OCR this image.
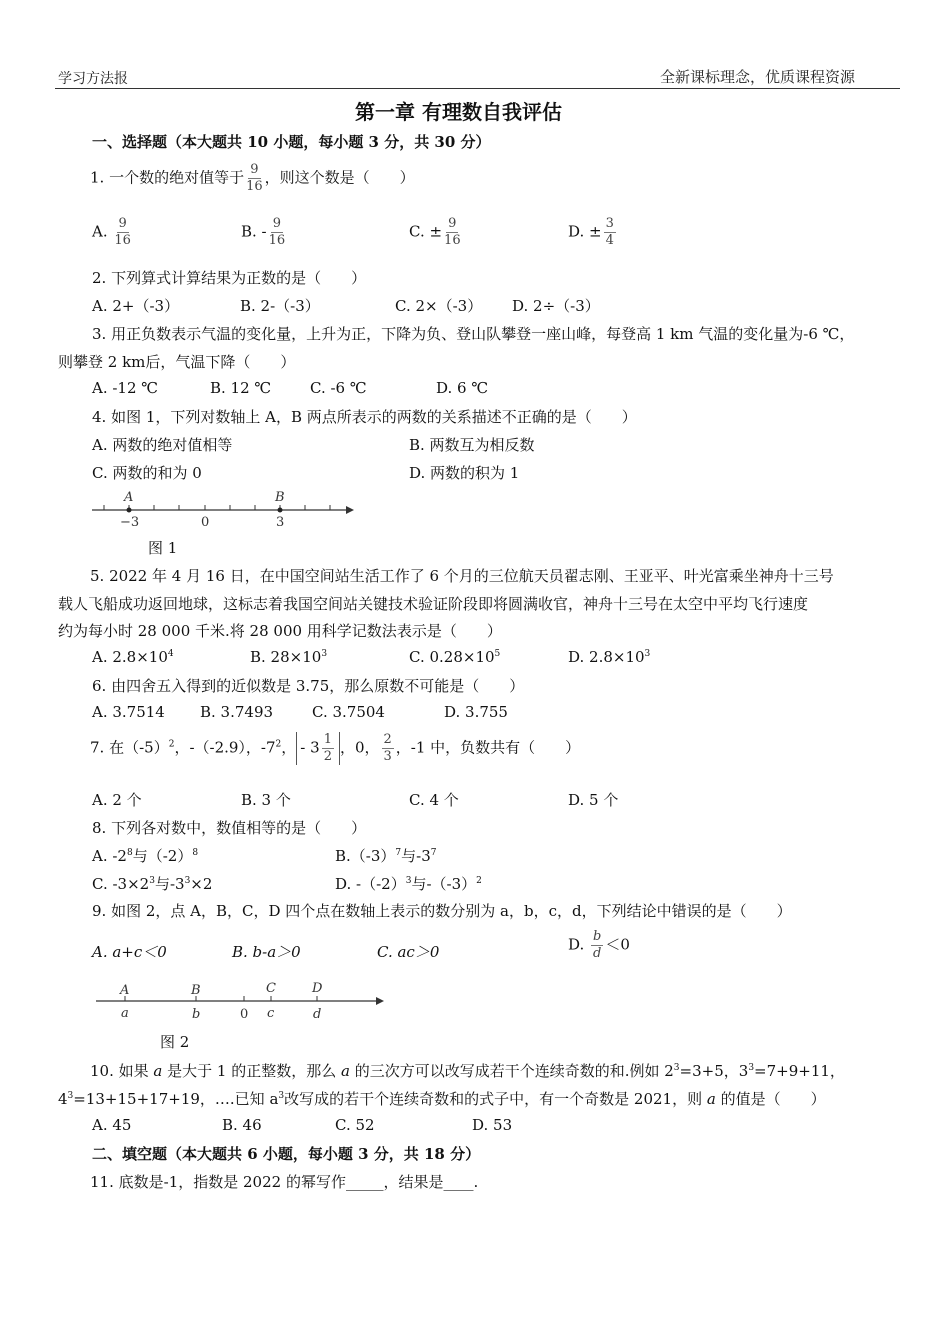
学习方法报	全新课标理念，优质课程资源
第一章 有理数自我评估
一、选择题（本大题共 10 小题，每小题 3 分，共 30 分）
1. 一个数的绝对值等于 $\frac{9}{16}$ ，则这个数是（　　）
A. $\frac{9}{16}$	B. - $\frac{9}{16}$	C. ± $\frac{9}{16}$	D. ± $\frac{3}{4}$
2. 下列算式计算结果为正数的是（　　）
A. 2+（-3）	B. 2-（-3）	C. 2×（-3） D. 2÷（-3）
3. 用正负数表示气温的变化量，上升为正，下降为负、登山队攀登一座山峰，每登高 1 km 气温的变化量为-6 ℃，
则攀登 2 km后，气温下降（　　）
A. -12 ℃	B. 12 ℃	C. -6 ℃	D. 6 ℃
4. 如图 1，下列对数轴上 A，B 两点所表示的两数的关系描述不正确的是（　　）
A. 两数的绝对值相等	B. 两数互为相反数
C. 两数的和为 0	D. 两数的积为 1
A	B
−3	0	3
图 1
5. 2022 年 4 月 16 日，在中国空间站生活工作了 6 个月的三位航天员翟志刚、王亚平、叶光富乘坐神舟十三号
载人飞船成功返回地球，这标志着我国空间站关键技术验证阶段即将圆满收官，神舟十三号在太空中平均飞行速度
约为每小时 28 000 千米.将 28 000 用科学记数法表示是（　　）
A. $2.8\times 10^4$	B. $28\times 10^3$	C. $0.28\times 10^5$	D. $2.8\times 10^3$
6. 由四舍五入得到的近似数是 3.75，那么原数不可能是（　　）
A. 3.7514 B. 3.7493	C. 3.7504	D. 3.755
7. 在$(-5)^2$，-（-2.9），$-7^2$， - $3 \frac{1}{2}$ ，0， $\frac{2}{3}$ ，-1 中，负数共有（　　）
A. 2 个	B. 3 个	C. 4 个	D. 5 个
8. 下列各对数中，数值相等的是（　　）
A. $-2^8$与$(-2)^8$	$B.(-3)^7$与$-3^7$
C. $-3\times 2^3$与$-3^3\times 2$	D. $-(-2)^3$与$-(-3)^2$
9. 如图 2，点 A，B，C，D 四个点在数轴上表示的数分别为 a，b，c，d，下列结论中错误的是（　　）
A. a+c＜0	B. b-a＞0	C. ac＞0	D. $\frac{b}{d} <0$
A	B	C	D
a	b	0 c	d
图 2
10. 如果 a 是大于 1 的正整数，那么 a 的三次方可以改写成若干个连续奇数的和.例如 $2^3=3+5$，$3^3=7+9+11$，
$4^3=13+15+17+19$，….已知 $a^3$改写成的若干个连续奇数和的式子中，有一个奇数是 2021，则 a 的值是（　　）
A. 45	B. 46	C. 52	D. 53
二、填空题（本大题共 6 小题，每小题 3 分，共 18 分）
11. 底数是-1，指数是 2022 的幂写作_____，结果是____.
